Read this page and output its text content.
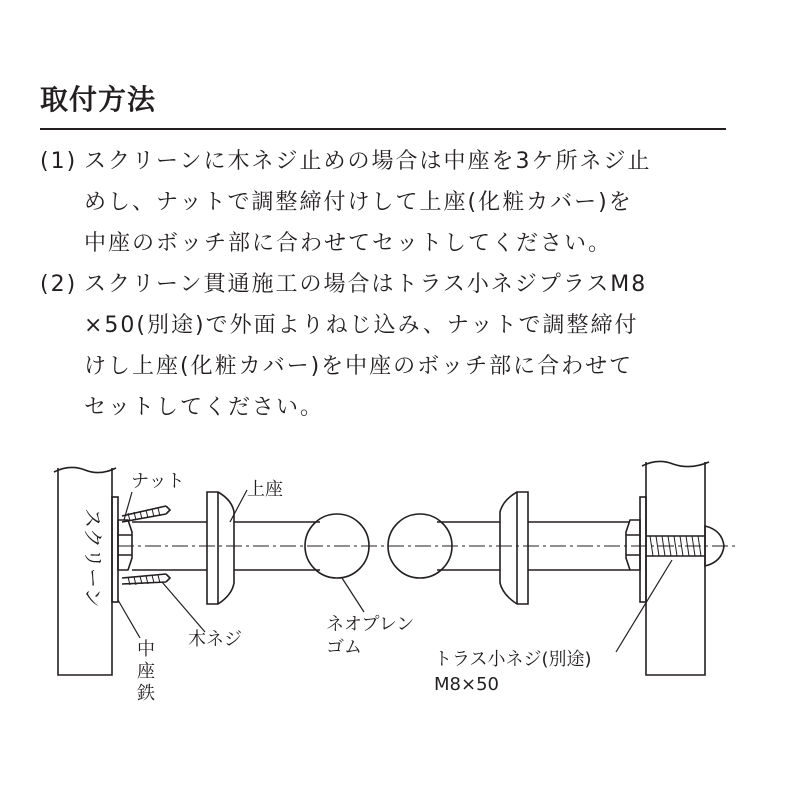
取付方法
(1) スクリーンに木ネジ止めの場合は中座を3ケ所ネジ止
めし、ナットで調整締付けして上座(化粧カバー)を
中座のボッチ部に合わせてセットしてください。
(2) スクリーン貫通施工の場合はトラス小ネジプラスM8
×50(別途)で外面よりねじ込み、ナットで調整締付
けし上座(化粧カバー)を中座のボッチ部に合わせて
セットしてください。
スクリーン
ナット	上座
木ネジ
中
座
鉄
ネオプレン
ゴム
トラス小ネジ(別途)
M8×50
